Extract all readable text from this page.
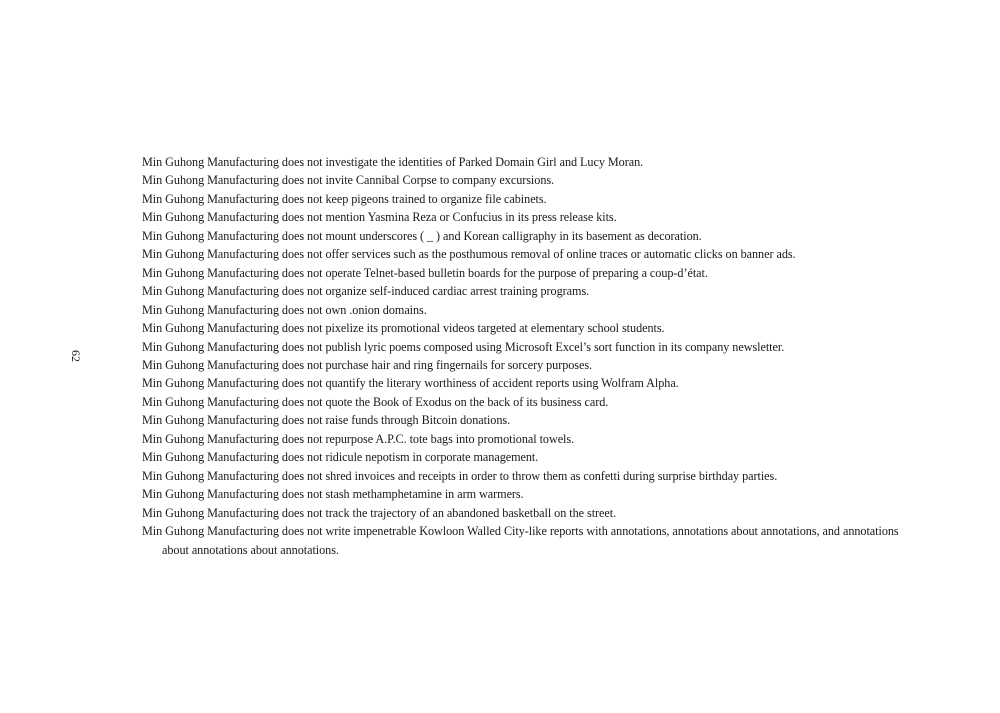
62
Min Guhong Manufacturing does not investigate the identities of Parked Domain Girl and Lucy Moran.
Min Guhong Manufacturing does not invite Cannibal Corpse to company excursions.
Min Guhong Manufacturing does not keep pigeons trained to organize file cabinets.
Min Guhong Manufacturing does not mention Yasmina Reza or Confucius in its press release kits.
Min Guhong Manufacturing does not mount underscores ( _ ) and Korean calligraphy in its basement as decoration.
Min Guhong Manufacturing does not offer services such as the posthumous removal of online traces or automatic clicks on banner ads.
Min Guhong Manufacturing does not operate Telnet-based bulletin boards for the purpose of preparing a coup-d’état.
Min Guhong Manufacturing does not organize self-induced cardiac arrest training programs.
Min Guhong Manufacturing does not own .onion domains.
Min Guhong Manufacturing does not pixelize its promotional videos targeted at elementary school students.
Min Guhong Manufacturing does not publish lyric poems composed using Microsoft Excel’s sort function in its company newsletter.
Min Guhong Manufacturing does not purchase hair and ring fingernails for sorcery purposes.
Min Guhong Manufacturing does not quantify the literary worthiness of accident reports using Wolfram Alpha.
Min Guhong Manufacturing does not quote the Book of Exodus on the back of its business card.
Min Guhong Manufacturing does not raise funds through Bitcoin donations.
Min Guhong Manufacturing does not repurpose A.P.C. tote bags into promotional towels.
Min Guhong Manufacturing does not ridicule nepotism in corporate management.
Min Guhong Manufacturing does not shred invoices and receipts in order to throw them as confetti during surprise birthday parties.
Min Guhong Manufacturing does not stash methamphetamine in arm warmers.
Min Guhong Manufacturing does not track the trajectory of an abandoned basketball on the street.
Min Guhong Manufacturing does not write impenetrable Kowloon Walled City-like reports with annotations, annotations about annotations, and annotations about annotations about annotations.
